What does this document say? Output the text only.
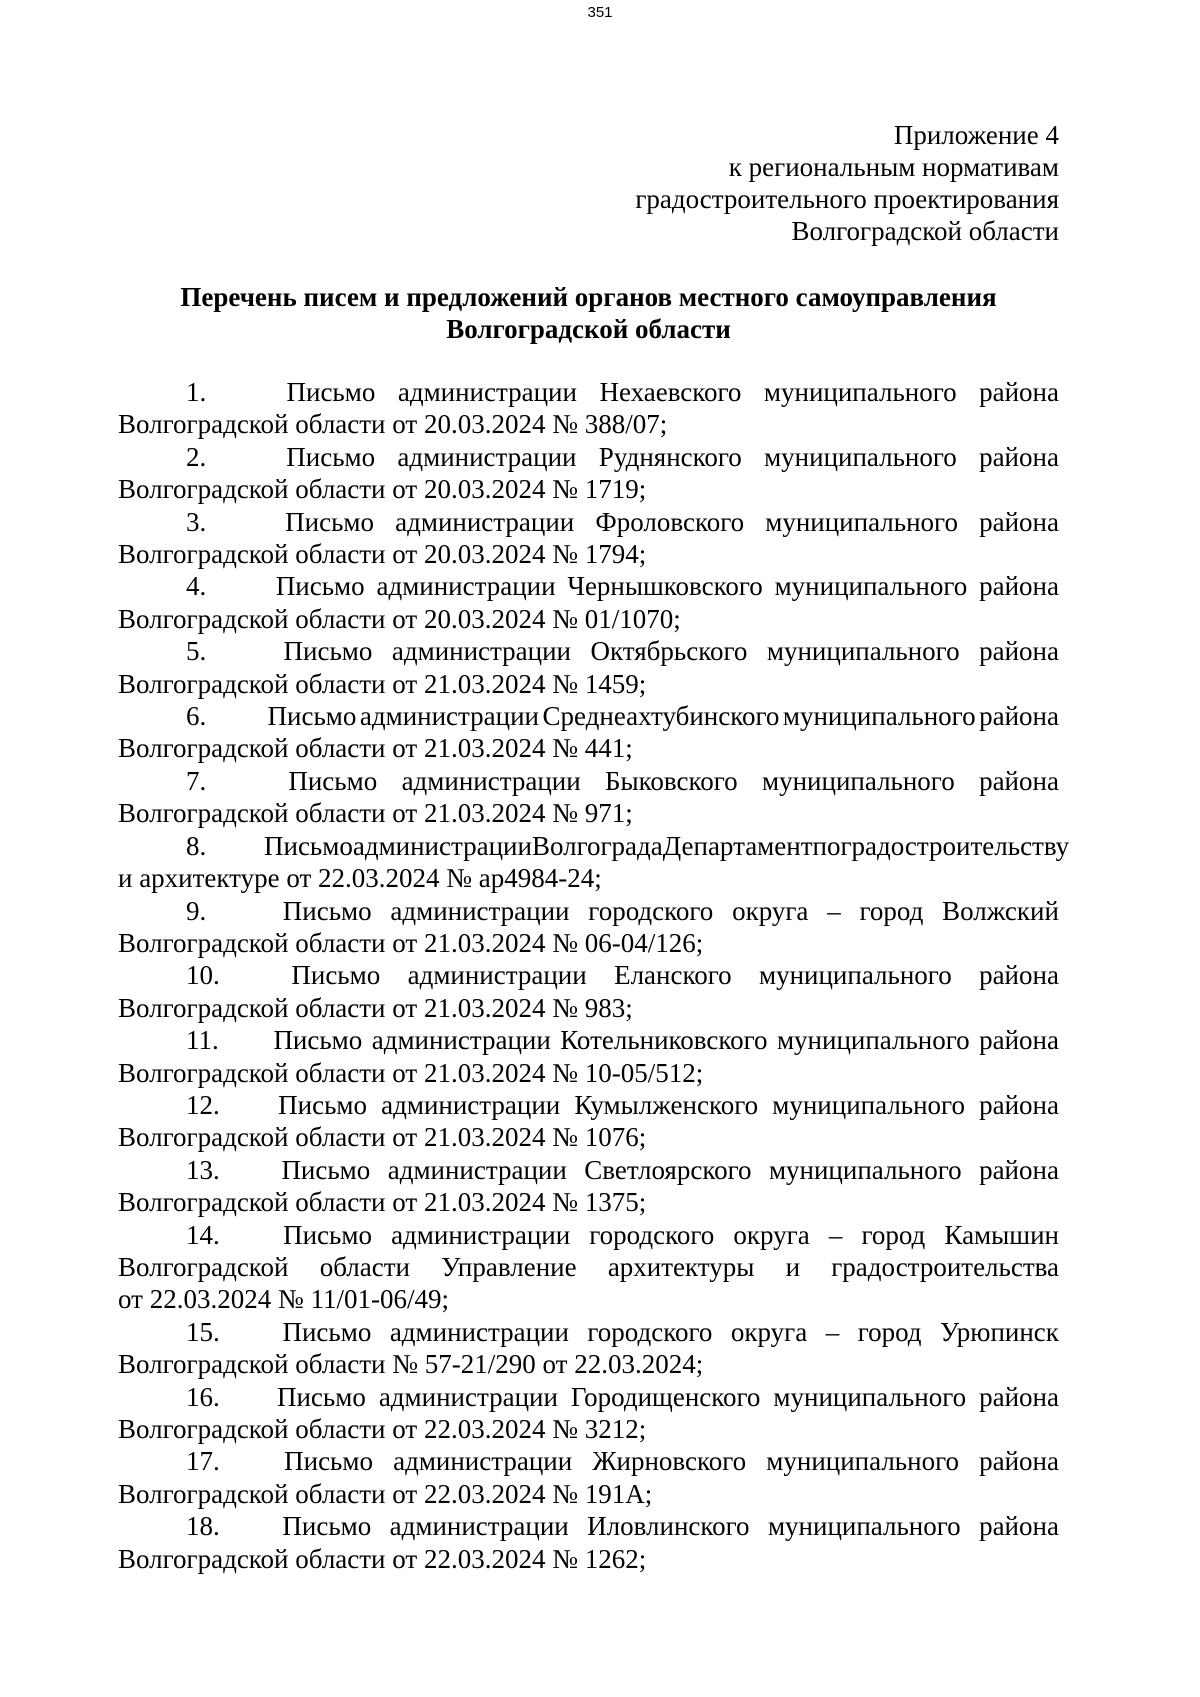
351
Приложение 4
к региональным нормативам
градостроительного проектирования
Волгоградской области
Перечень писем и предложений органов местного самоуправления
Волгоградской области
1.	Письмо администрации Нехаевского муниципального района
Волгоградской области от 20.03.2024 № 388/07;
2.	Письмо администрации Руднянского муниципального района
Волгоградской области от 20.03.2024 № 1719;
3.	Письмо администрации Фроловского муниципального района
Волгоградской области от 20.03.2024 № 1794;
4.	Письмо администрации Чернышковского муниципального района
Волгоградской области от 20.03.2024 № 01/1070;
5.	Письмо администрации Октябрьского муниципального района
Волгоградской области от 21.03.2024 № 1459;
6.	Письмо администрации Среднеахтубинского муниципального района
Волгоградской области от 21.03.2024 № 441;
7.	Письмо администрации Быковского муниципального района
Волгоградской области от 21.03.2024 № 971;
8.	Письмо администрации Волгограда Департамент по градостроительству
и архитектуре от 22.03.2024 № ар4984-24;
9.	Письмо администрации городского округа – город Волжский
Волгоградской области от 21.03.2024 № 06-04/126;
10.	Письмо администрации Еланского муниципального района
Волгоградской области от 21.03.2024 № 983;
11.	Письмо администрации Котельниковского муниципального района
Волгоградской области от 21.03.2024 № 10-05/512;
12.	Письмо администрации Кумылженского муниципального района
Волгоградской области от 21.03.2024 № 1076;
13.	Письмо администрации Светлоярского муниципального района
Волгоградской области от 21.03.2024 № 1375;
14.	Письмо администрации городского округа – город Камышин
Волгоградской области Управление архитектуры и градостроительства
от 22.03.2024 № 11/01-06/49;
15.	Письмо администрации городского округа – город Урюпинск
Волгоградской области № 57-21/290 от 22.03.2024;
16.	Письмо администрации Городищенского муниципального района
Волгоградской области от 22.03.2024 № 3212;
17.	Письмо администрации Жирновского муниципального района
Волгоградской области от 22.03.2024 № 191А;
18.	Письмо администрации Иловлинского муниципального района
Волгоградской области от 22.03.2024 № 1262;
